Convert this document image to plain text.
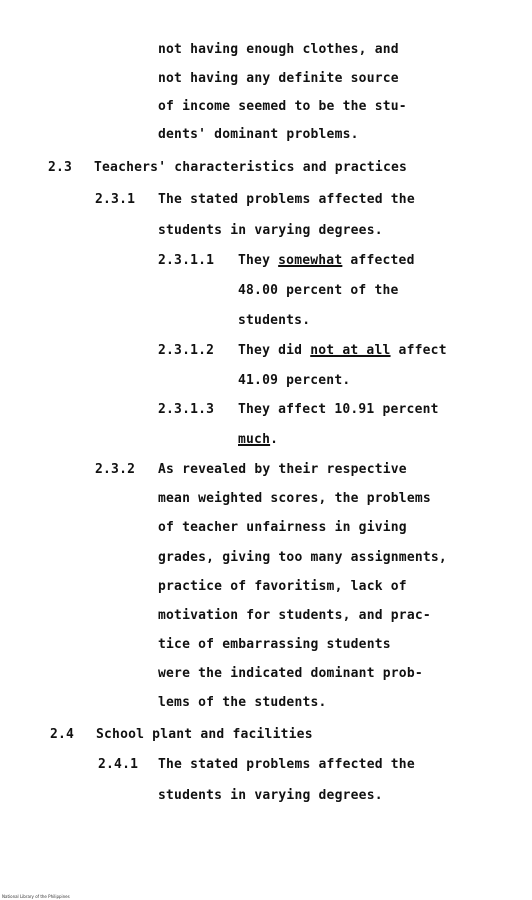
not having enough clothes, and
not having any definite source
of income seemed to be the stu-
dents' dominant problems.
2.3 Teachers' characteristics and practices
2.3.1 The stated problems affected the
students in varying degrees.
2.3.1.1 They somewhat affected
48.00 percent of the
students.
2.3.1.2 They did not at all affect
41.09 percent.
2.3.1.3 They affect 10.91 percent
much.
2.3.2 As revealed by their respective
mean weighted scores, the problems
of teacher unfairness in giving
grades, giving too many assignments,
practice of favoritism, lack of
motivation for students, and prac-
tice of embarrassing students
were the indicated dominant prob-
lems of the students.
2.4 School plant and facilities
2.4.1 The stated problems affected the
students in varying degrees.
National Library of the Philippines
